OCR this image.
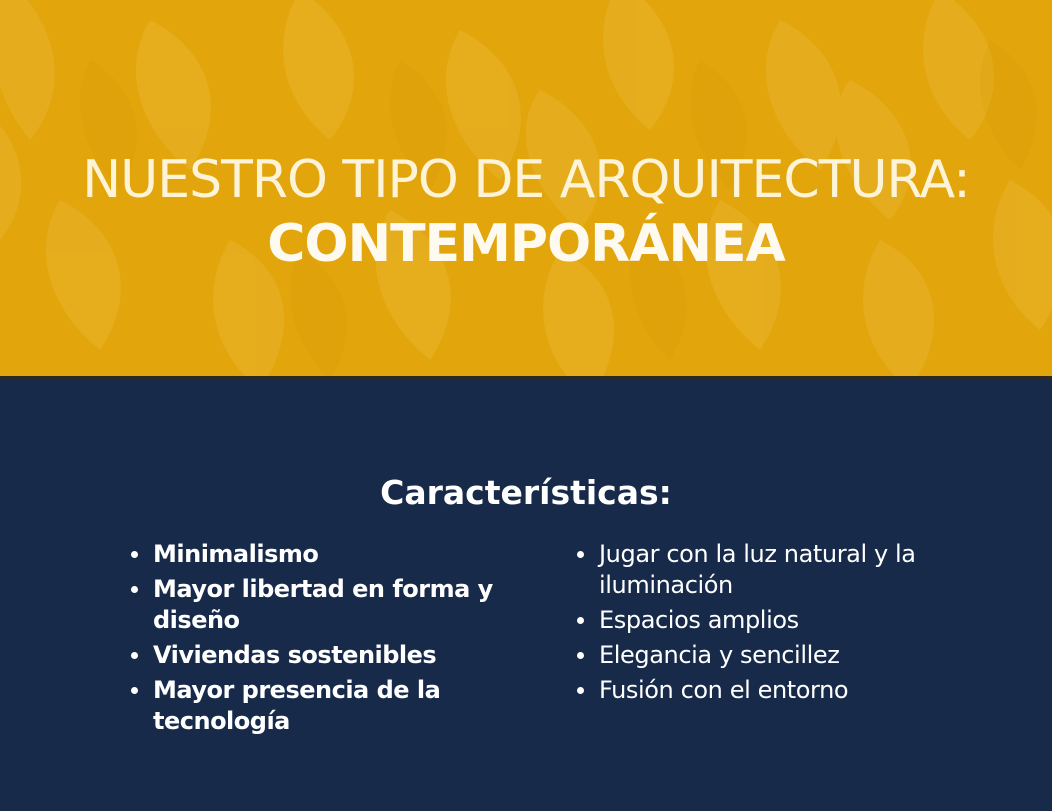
NUESTRO TIPO DE ARQUITECTURA:
CONTEMPORÁNEA
Características:
Minimalismo
Mayor libertad en forma y diseño
Viviendas sostenibles
Mayor presencia de la tecnología
Jugar con la luz natural y la iluminación
Espacios amplios
Elegancia y sencillez
Fusión con el entorno
